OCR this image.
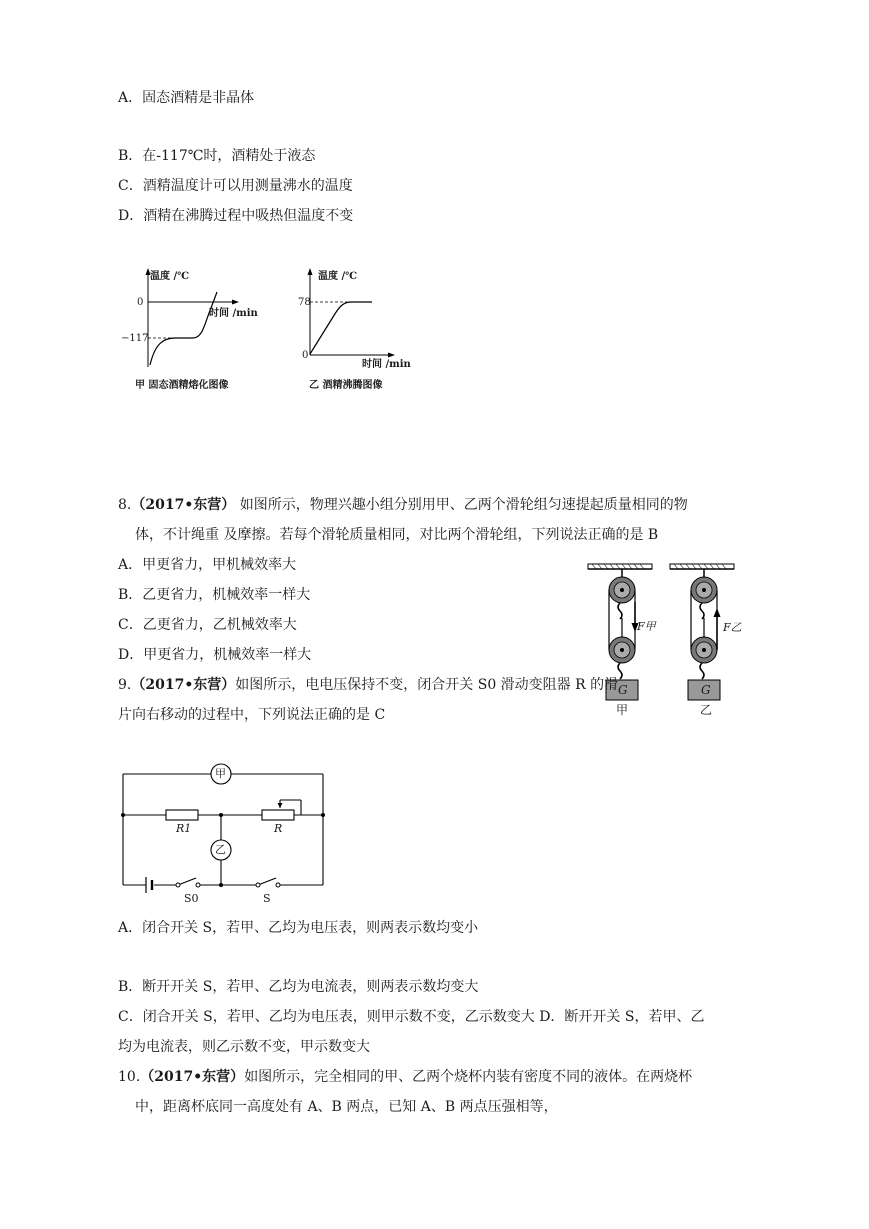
A．固态酒精是非晶体
B．在-117℃时，酒精处于液态
C．酒精温度计可以用测量沸水的温度
D．酒精在沸腾过程中吸热但温度不变
温度 /℃
0
−117
时间 /min
甲 固态酒精熔化图像
温度 /℃
78
0
时间 /min
乙 酒精沸腾图像
8.（2017•东营） 如图所示，物理兴趣小组分别用甲、乙两个滑轮组匀速提起质量相同的物
体，不计绳重 及摩擦。若每个滑轮质量相同，对比两个滑轮组，下列说法正确的是 B
A．甲更省力，甲机械效率大
B．乙更省力，机械效率一样大
C．乙更省力，乙机械效率大
D．甲更省力，机械效率一样大
F甲	F乙
G	G
甲	乙
9.（2017•东营）如图所示，电电压保持不变，闭合开关 S0 滑动变阻器 R 的滑
片向右移动的过程中，下列说法正确的是 C
甲
乙
R1	R
S0	S
A．闭合开关 S，若甲、乙均为电压表，则两表示数均变小
B．断开开关 S，若甲、乙均为电流表，则两表示数均变大
C．闭合开关 S，若甲、乙均为电压表，则甲示数不变，乙示数变大 D．断开开关 S，若甲、乙
均为电流表，则乙示数不变，甲示数变大
10.（2017•东营）如图所示，完全相同的甲、乙两个烧杯内装有密度不同的液体。在两烧杯
中，距离杯底同一高度处有 A、B 两点，已知 A、B 两点压强相等，
